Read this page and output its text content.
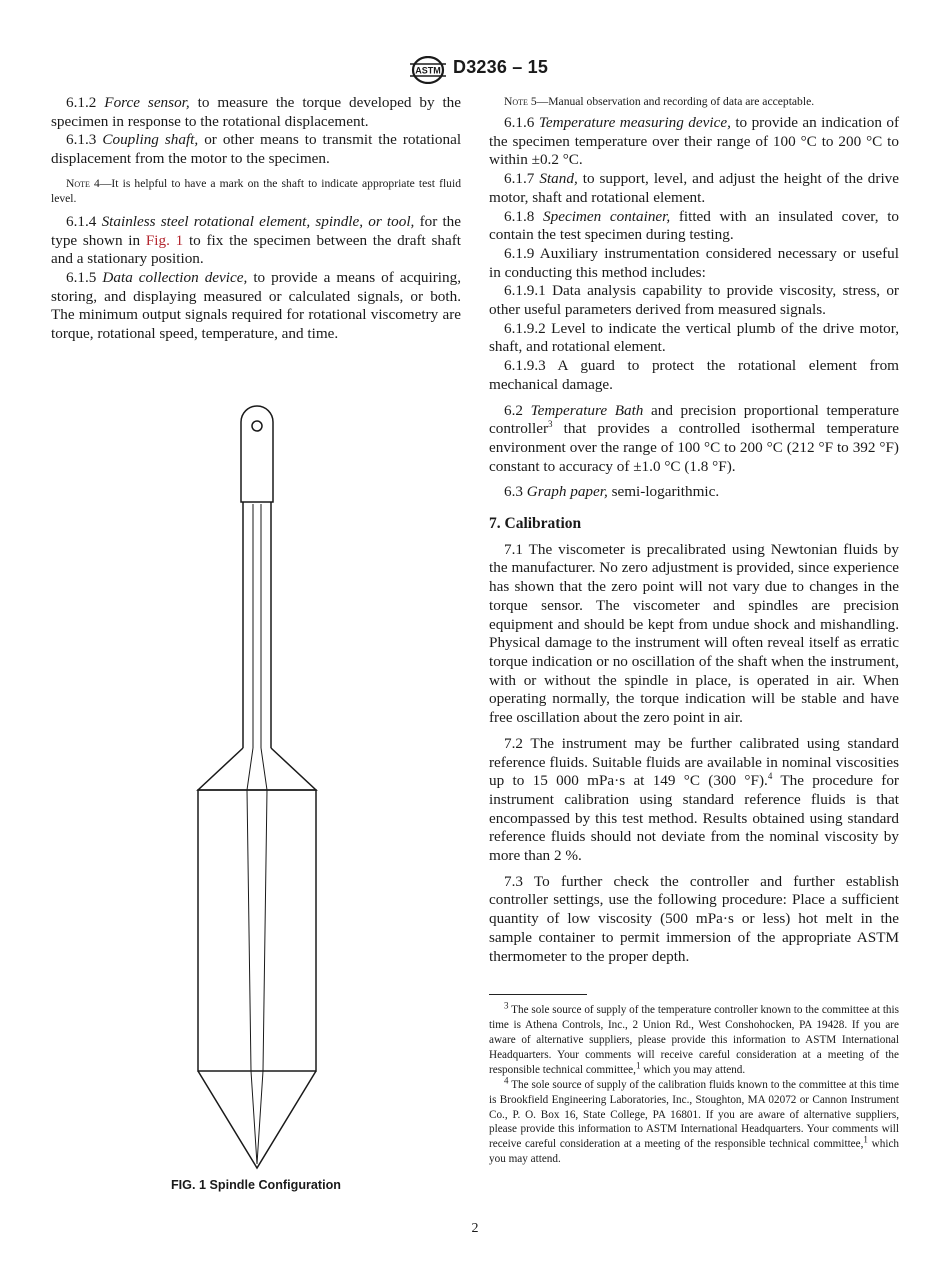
ASTM D3236 – 15

6.1.2 Force sensor, to measure the torque developed by the specimen in response to the rotational displacement.

6.1.3 Coupling shaft, or other means to transmit the rotational displacement from the motor to the specimen.

Note 4—It is helpful to have a mark on the shaft to indicate appropriate test fluid level.

6.1.4 Stainless steel rotational element, spindle, or tool, for the type shown in Fig. 1 to fix the specimen between the draft shaft and a stationary position.

6.1.5 Data collection device, to provide a means of acquiring, storing, and displaying measured or calculated signals, or both. The minimum output signals required for rotational viscometry are torque, rotational speed, temperature, and time.

FIG. 1 Spindle Configuration

Note 5—Manual observation and recording of data are acceptable.

6.1.6 Temperature measuring device, to provide an indication of the specimen temperature over their range of 100 °C to 200 °C to within ±0.2 °C.

6.1.7 Stand, to support, level, and adjust the height of the drive motor, shaft and rotational element.

6.1.8 Specimen container, fitted with an insulated cover, to contain the test specimen during testing.

6.1.9 Auxiliary instrumentation considered necessary or useful in conducting this method includes:

6.1.9.1 Data analysis capability to provide viscosity, stress, or other useful parameters derived from measured signals.

6.1.9.2 Level to indicate the vertical plumb of the drive motor, shaft, and rotational element.

6.1.9.3 A guard to protect the rotational element from mechanical damage.

6.2 Temperature Bath and precision proportional temperature controller$^3$ that provides a controlled isothermal temperature environment over the range of 100 °C to 200 °C (212 °F to 392 °F) constant to accuracy of ±1.0 °C (1.8 °F).

6.3 Graph paper, semi-logarithmic.

7. Calibration

7.1 The viscometer is precalibrated using Newtonian fluids by the manufacturer. No zero adjustment is provided, since experience has shown that the zero point will not vary due to changes in the torque sensor. The viscometer and spindles are precision equipment and should be kept from undue shock and mishandling. Physical damage to the instrument will often reveal itself as erratic torque indication or no oscillation of the shaft when the instrument, with or without the spindle in place, is operated in air. When operating normally, the torque indication will be stable and have free oscillation about the zero point in air.

7.2 The instrument may be further calibrated using standard reference fluids. Suitable fluids are available in nominal viscosities up to 15 000 mPa·s at 149 °C (300 °F).$^4$ The procedure for instrument calibration using standard reference fluids is that encompassed by this test method. Results obtained using standard reference fluids should not deviate from the nominal viscosity by more than 2 %.

7.3 To further check the controller and further establish controller settings, use the following procedure: Place a sufficient quantity of low viscosity (500 mPa·s or less) hot melt in the sample container to permit immersion of the appropriate ASTM thermometer to the proper depth.

$^3$ The sole source of supply of the temperature controller known to the committee at this time is Athena Controls, Inc., 2 Union Rd., West Conshohocken, PA 19428. If you are aware of alternative suppliers, please provide this information to ASTM International Headquarters. Your comments will receive careful consideration at a meeting of the responsible technical committee,$^1$ which you may attend.

$^4$ The sole source of supply of the calibration fluids known to the committee at this time is Brookfield Engineering Laboratories, Inc., Stoughton, MA 02072 or Cannon Instrument Co., P. O. Box 16, State College, PA 16801. If you are aware of alternative suppliers, please provide this information to ASTM International Headquarters. Your comments will receive careful consideration at a meeting of the responsible technical committee,$^1$ which you may attend.

2
